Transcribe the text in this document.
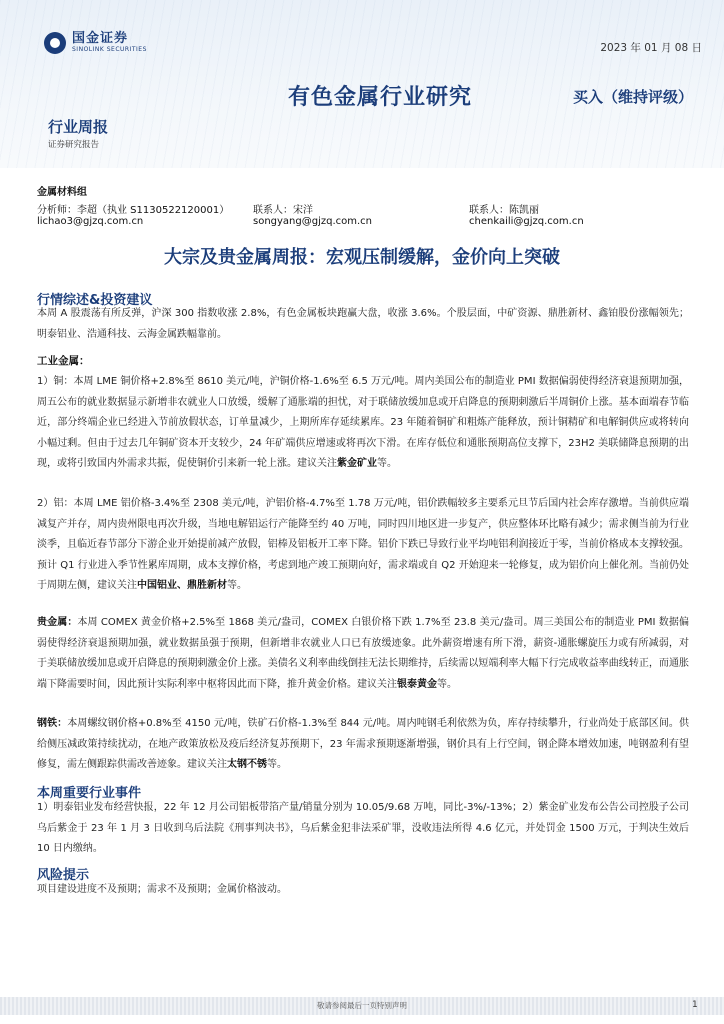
国金证券
SINOLINK SECURITIES	2023 年 01 月 08 日
有色金属行业研究	买入（维持评级）
行业周报
证券研究报告
金属材料组
分析师：李超（执业 S1130522120001） 联系人：宋洋	联系人：陈凯丽
lichao3@gjzq.com.cn	songyang@gjzq.com.cn	chenkaili@gjzq.com.cn
大宗及贵金属周报：宏观压制缓解，金价向上突破
行情综述&投资建议
本周 A 股震荡有所反弹，沪深 300 指数收涨 2.8%，有色金属板块跑赢大盘，收涨 3.6%。个股层面，中矿资源、鼎胜新材、鑫铂股份涨幅领先；明泰铝业、浩通科技、云海金属跌幅靠前。
工业金属：
1）铜：本周 LME 铜价格+2.8%至 8610 美元/吨，沪铜价格-1.6%至 6.5 万元/吨。周内美国公布的制造业 PMI 数据偏弱使得经济衰退预期加强，周五公布的就业数据显示新增非农就业人口放缓，缓解了通胀端的担忧，对于联储放缓加息或开启降息的预期刺激后半周铜价上涨。基本面端春节临近，部分终端企业已经进入节前放假状态，订单量减少，上期所库存延续累库。23 年随着铜矿和粗炼产能释放，预计铜精矿和电解铜供应或将转向小幅过剩。但由于过去几年铜矿资本开支较少，24 年矿端供应增速或将再次下滑。在库存低位和通胀预期高位支撑下，23H2 美联储降息预期的出现，或将引致国内外需求共振，促使铜价引来新一轮上涨。建议关注紫金矿业等。
2）铝：本周 LME 铝价格-3.4%至 2308 美元/吨，沪铝价格-4.7%至 1.78 万元/吨，铝价跌幅较多主要系元旦节后国内社会库存激增。当前供应端减复产并存，周内贵州限电再次升级，当地电解铝运行产能降至约 40 万吨，同时四川地区进一步复产，供应整体环比略有减少；需求侧当前为行业淡季，且临近春节部分下游企业开始提前减产放假，铝棒及铝板开工率下降。铝价下跌已导致行业平均吨铝利润接近于零，当前价格成本支撑较强。预计 Q1 行业进入季节性累库周期，成本支撑价格，考虑到地产竣工预期向好，需求端或自 Q2 开始迎来一轮修复，成为铝价向上催化剂。当前仍处于周期左侧，建议关注中国铝业、鼎胜新材等。
贵金属：本周 COMEX 黄金价格+2.5%至 1868 美元/盎司，COMEX 白银价格下跌 1.7%至 23.8 美元/盎司。周三美国公布的制造业 PMI 数据偏弱使得经济衰退预期加强，就业数据虽强于预期，但新增非农就业人口已有放缓迹象。此外薪资增速有所下滑，薪资-通胀螺旋压力或有所减弱，对于美联储放缓加息或开启降息的预期刺激金价上涨。美债名义利率曲线倒挂无法长期维持，后续需以短端利率大幅下行完成收益率曲线转正，而通胀端下降需要时间，因此预计实际利率中枢将因此而下降，推升黄金价格。建议关注银泰黄金等。
钢铁：本周螺纹钢价格+0.8%至 4150 元/吨，铁矿石价格-1.3%至 844 元/吨。周内吨钢毛利依然为负，库存持续攀升，行业尚处于底部区间。供给侧压减政策持续扰动，在地产政策放松及疫后经济复苏预期下，23 年需求预期逐渐增强，钢价具有上行空间，钢企降本增效加速，吨钢盈利有望修复，需左侧跟踪供需改善迹象。建议关注太钢不锈等。
本周重要行业事件
1）明泰铝业发布经营快报，22 年 12 月公司铝板带箔产量/销量分别为 10.05/9.68 万吨，同比-3%/-13%；2）紫金矿业发布公告公司控股子公司乌后紫金于 23 年 1 月 3 日收到乌后法院《刑事判决书》，乌后紫金犯非法采矿罪，没收违法所得 4.6 亿元，并处罚金 1500 万元，于判决生效后 10 日内缴纳。
风险提示
项目建设进度不及预期；需求不及预期；金属价格波动。
敬请参阅最后一页特别声明	1
